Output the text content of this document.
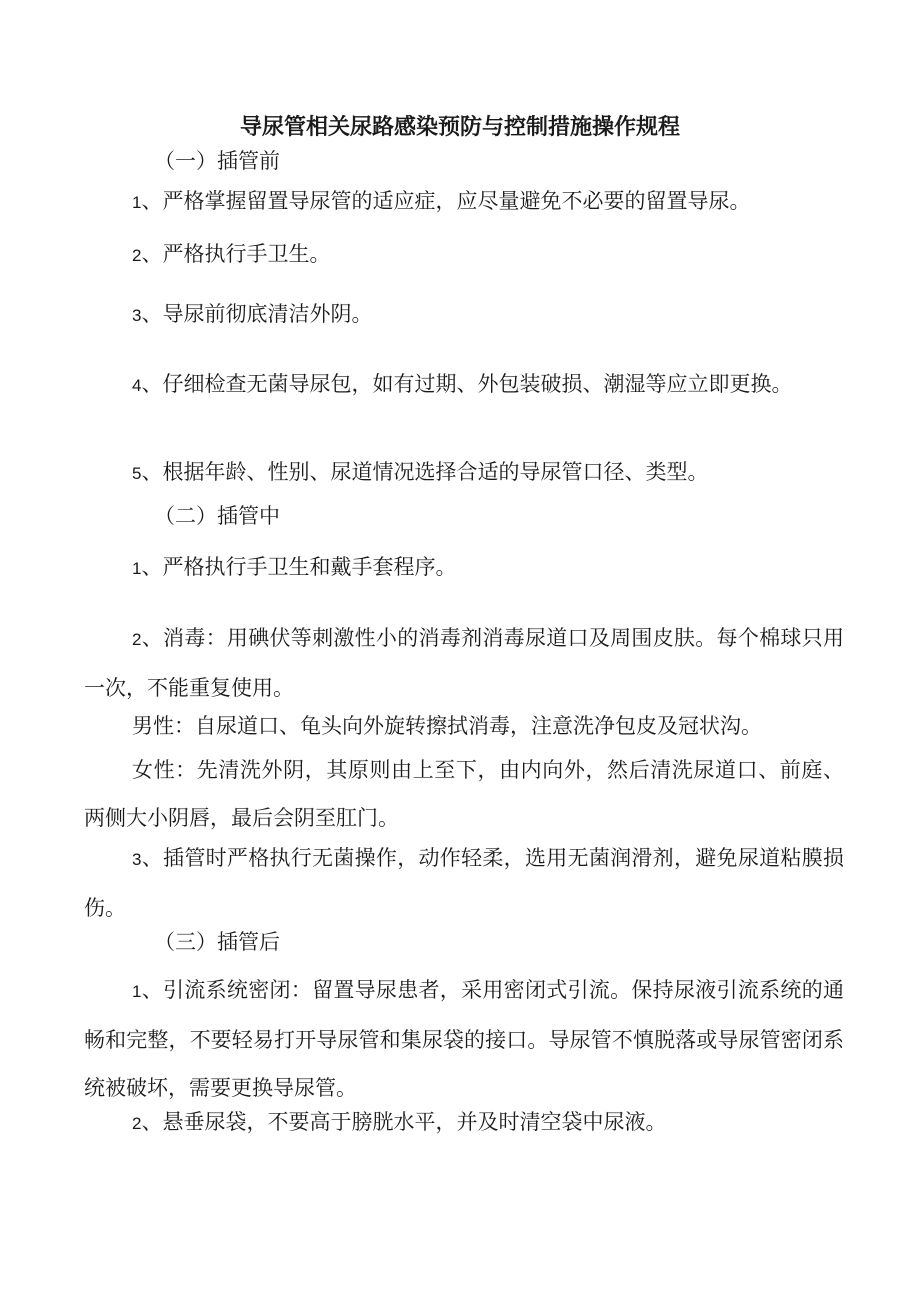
导尿管相关尿路感染预防与控制措施操作规程
（一）插管前
1、严格掌握留置导尿管的适应症，应尽量避免不必要的留置导尿。
2、严格执行手卫生。
3、导尿前彻底清洁外阴。
4、仔细检查无菌导尿包，如有过期、外包装破损、潮湿等应立即更换。
5、根据年龄、性别、尿道情况选择合适的导尿管口径、类型。
（二）插管中
1、严格执行手卫生和戴手套程序。
2、消毒：用碘伏等刺激性小的消毒剂消毒尿道口及周围皮肤。每个棉球只用一次，不能重复使用。
男性：自尿道口、龟头向外旋转擦拭消毒，注意洗净包皮及冠状沟。
女性：先清洗外阴，其原则由上至下，由内向外，然后清洗尿道口、前庭、两侧大小阴唇，最后会阴至肛门。
3、插管时严格执行无菌操作，动作轻柔，选用无菌润滑剂，避免尿道粘膜损伤。
（三）插管后
1、引流系统密闭：留置导尿患者，采用密闭式引流。保持尿液引流系统的通畅和完整，不要轻易打开导尿管和集尿袋的接口。导尿管不慎脱落或导尿管密闭系统被破坏，需要更换导尿管。
2、悬垂尿袋，不要高于膀胱水平，并及时清空袋中尿液。
